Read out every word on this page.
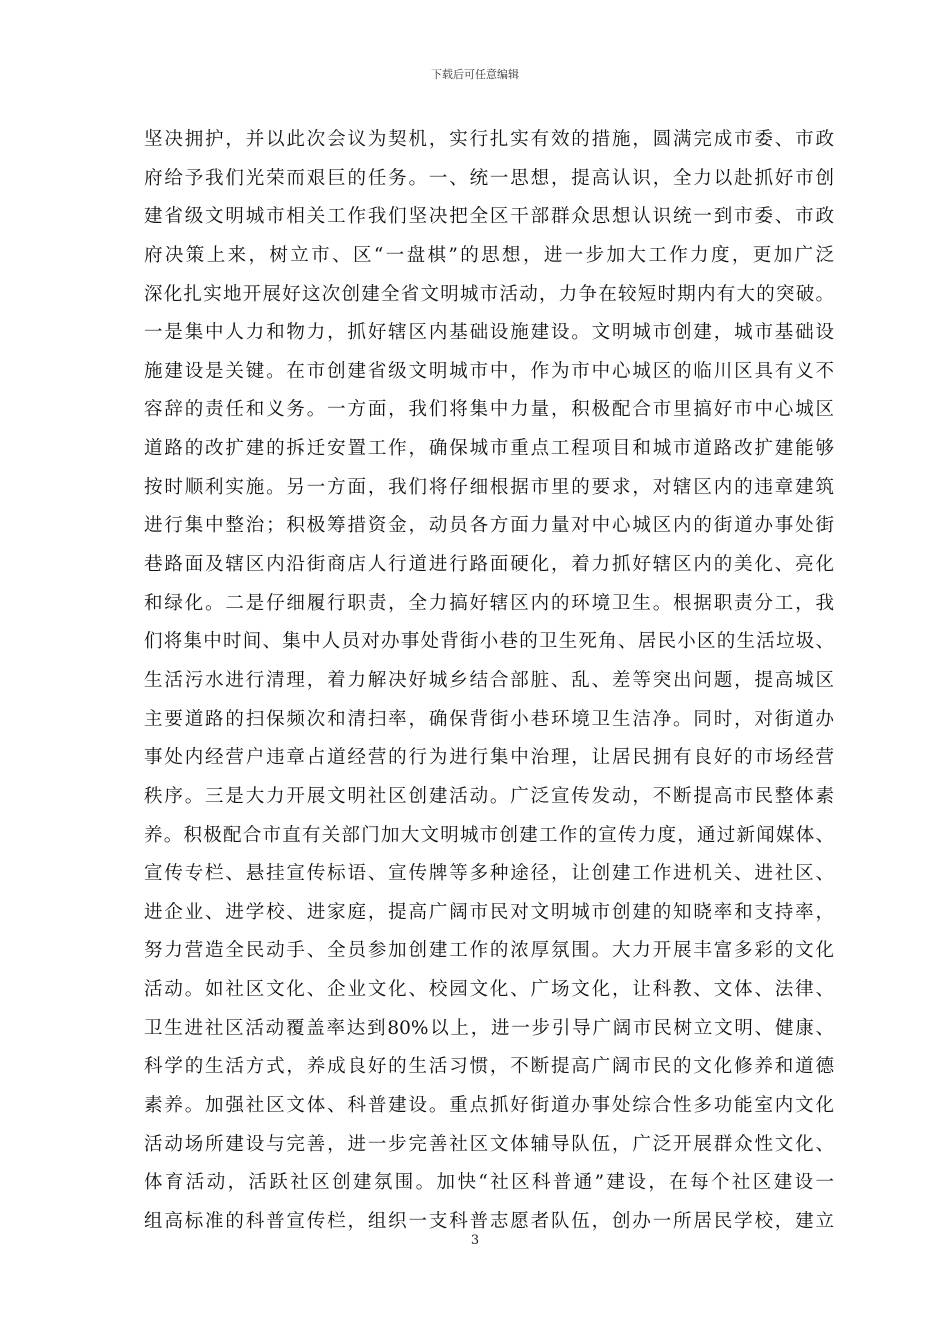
下载后可任意编辑
坚决拥护，并以此次会议为契机，实行扎实有效的措施，圆满完成市委、市政
府给予我们光荣而艰巨的任务。一、统一思想，提高认识，全力以赴抓好市创
建省级文明城市相关工作我们坚决把全区干部群众思想认识统一到市委、市政
府决策上来，树立市、区“一盘棋”的思想，进一步加大工作力度，更加广泛
深化扎实地开展好这次创建全省文明城市活动，力争在较短时期内有大的突破。
一是集中人力和物力，抓好辖区内基础设施建设。文明城市创建，城市基础设
施建设是关键。在市创建省级文明城市中，作为市中心城区的临川区具有义不
容辞的责任和义务。一方面，我们将集中力量，积极配合市里搞好市中心城区
道路的改扩建的拆迁安置工作，确保城市重点工程项目和城市道路改扩建能够
按时顺利实施。另一方面，我们将仔细根据市里的要求，对辖区内的违章建筑
进行集中整治；积极筹措资金，动员各方面力量对中心城区内的街道办事处街
巷路面及辖区内沿街商店人行道进行路面硬化，着力抓好辖区内的美化、亮化
和绿化。二是仔细履行职责，全力搞好辖区内的环境卫生。根据职责分工，我
们将集中时间、集中人员对办事处背街小巷的卫生死角、居民小区的生活垃圾、
生活污水进行清理，着力解决好城乡结合部脏、乱、差等突出问题，提高城区
主要道路的扫保频次和清扫率，确保背街小巷环境卫生洁净。同时，对街道办
事处内经营户违章占道经营的行为进行集中治理，让居民拥有良好的市场经营
秩序。三是大力开展文明社区创建活动。广泛宣传发动，不断提高市民整体素
养。积极配合市直有关部门加大文明城市创建工作的宣传力度，通过新闻媒体、
宣传专栏、悬挂宣传标语、宣传牌等多种途径，让创建工作进机关、进社区、
进企业、进学校、进家庭，提高广阔市民对文明城市创建的知晓率和支持率，
努力营造全民动手、全员参加创建工作的浓厚氛围。大力开展丰富多彩的文化
活动。如社区文化、企业文化、校园文化、广场文化，让科教、文体、法律、
卫生进社区活动覆盖率达到80%以上，进一步引导广阔市民树立文明、健康、
科学的生活方式，养成良好的生活习惯，不断提高广阔市民的文化修养和道德
素养。加强社区文体、科普建设。重点抓好街道办事处综合性多功能室内文化
活动场所建设与完善，进一步完善社区文体辅导队伍，广泛开展群众性文化、
体育活动，活跃社区创建氛围。加快“社区科普通”建设，在每个社区建设一
组高标准的科普宣传栏，组织一支科普志愿者队伍，创办一所居民学校，建立
3
